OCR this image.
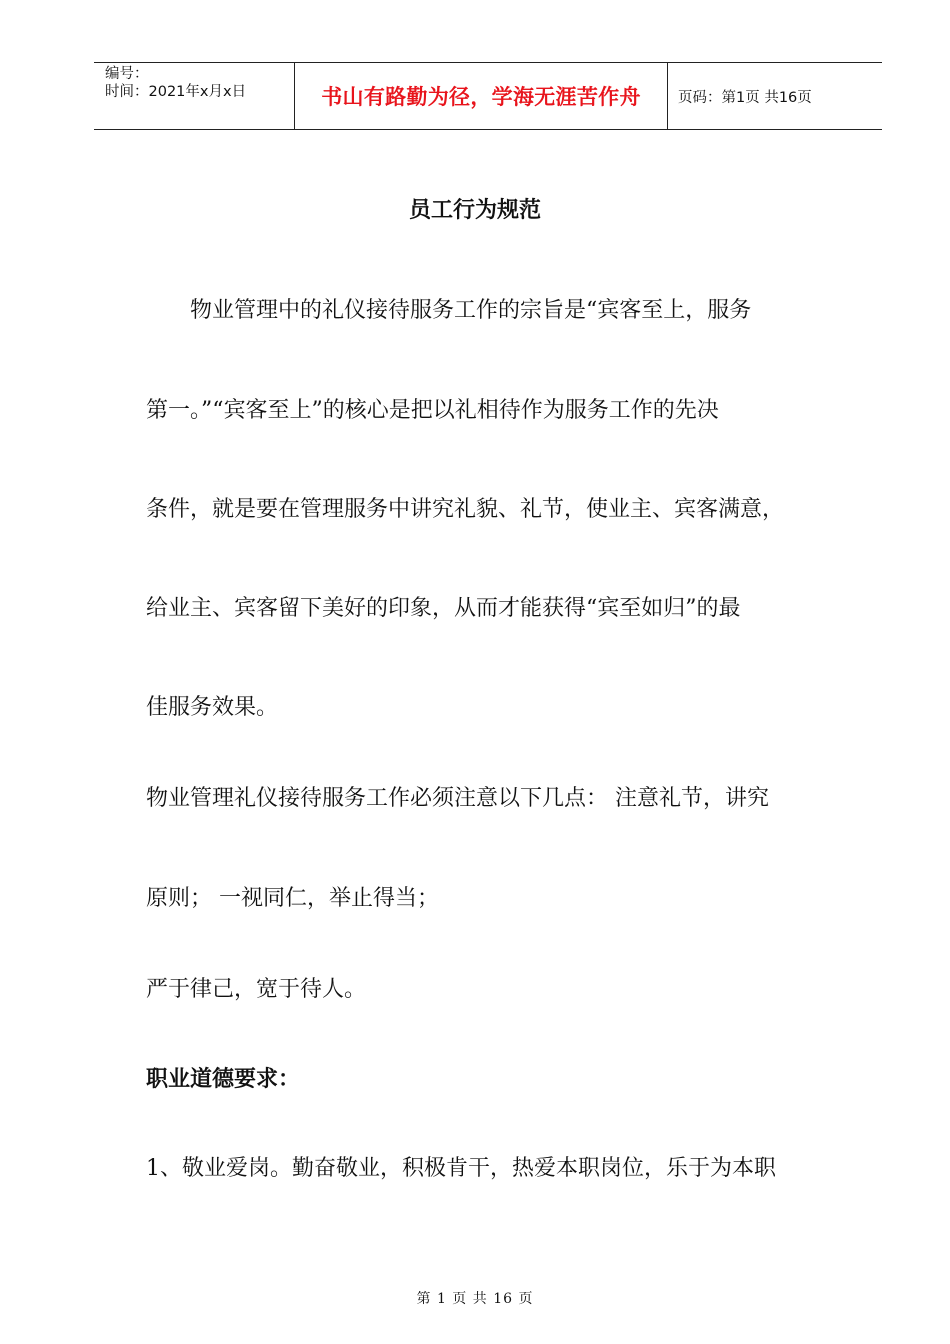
编号：
时间：2021年x月x日	书山有路勤为径，学海无涯苦作舟	页码：第1页 共16页
员工行为规范
物业管理中的礼仪接待服务工作的宗旨是“宾客至上，服务
第一。”“宾客至上”的核心是把以礼相待作为服务工作的先决
条件，就是要在管理服务中讲究礼貌、礼节，使业主、宾客满意，
给业主、宾客留下美好的印象，从而才能获得“宾至如归”的最
佳服务效果。
物业管理礼仪接待服务工作必须注意以下几点： 注意礼节，讲究
原则； 一视同仁，举止得当；
严于律己，宽于待人。
职业道德要求：
1、敬业爱岗。勤奋敬业，积极肯干，热爱本职岗位，乐于为本职
第 1 页 共 16 页
